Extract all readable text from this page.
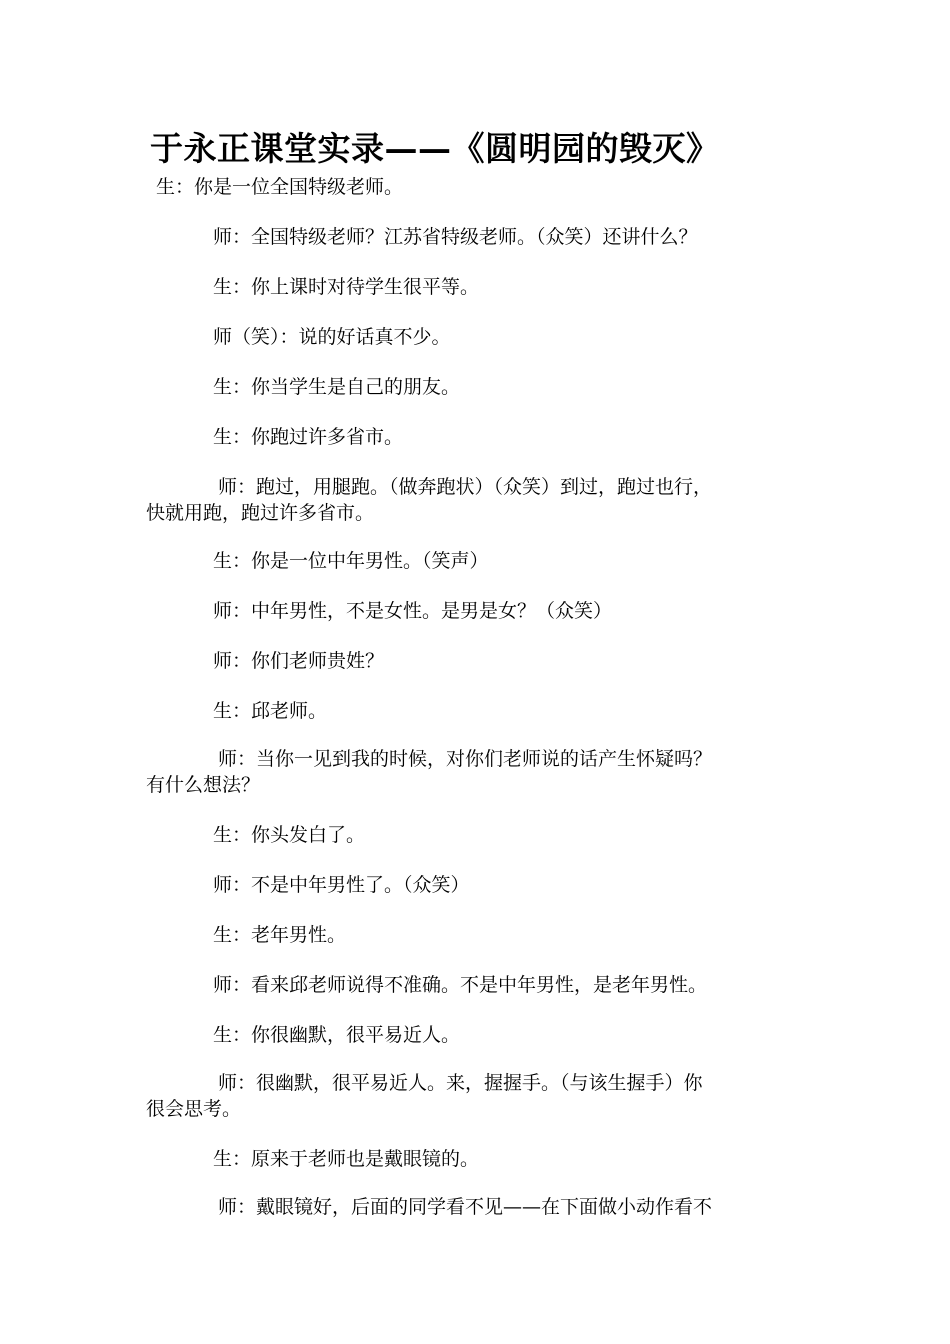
于永正课堂实录——《圆明园的毁灭》

生：你是一位全国特级老师。

师：全国特级老师？江苏省特级老师。（众笑）还讲什么？

生：你上课时对待学生很平等。

师（笑）：说的好话真不少。

生：你当学生是自己的朋友。

生：你跑过许多省市。

师：跑过，用腿跑。（做奔跑状）（众笑）到过，跑过也行，
快就用跑，跑过许多省市。

生：你是一位中年男性。（笑声）

师：中年男性，不是女性。是男是女？（众笑）

师：你们老师贵姓？

生：邱老师。

师：当你一见到我的时候，对你们老师说的话产生怀疑吗？
有什么想法？

生：你头发白了。

师：不是中年男性了。（众笑）

生：老年男性。

师：看来邱老师说得不准确。不是中年男性，是老年男性。

生：你很幽默，很平易近人。

师：很幽默，很平易近人。来，握握手。（与该生握手）你
很会思考。

生：原来于老师也是戴眼镜的。

师：戴眼镜好，后面的同学看不见——在下面做小动作看不
